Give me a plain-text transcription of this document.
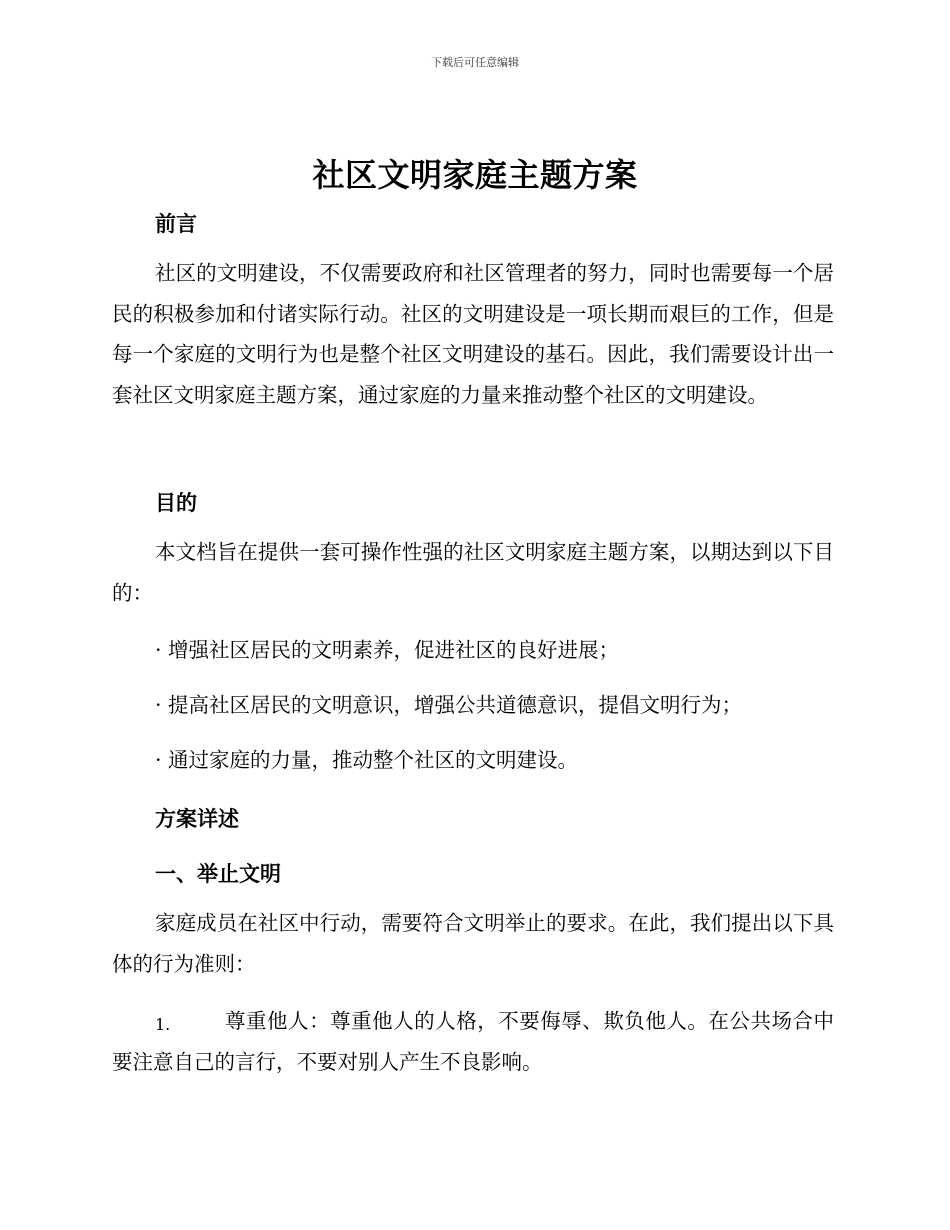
下载后可任意编辑
社区文明家庭主题方案
前言
社区的文明建设，不仅需要政府和社区管理者的努力，同时也需要每一个居民的积极参加和付诸实际行动。社区的文明建设是一项长期而艰巨的工作，但是每一个家庭的文明行为也是整个社区文明建设的基石。因此，我们需要设计出一套社区文明家庭主题方案，通过家庭的力量来推动整个社区的文明建设。
目的
本文档旨在提供一套可操作性强的社区文明家庭主题方案，以期达到以下目的：
· 增强社区居民的文明素养，促进社区的良好进展；
· 提高社区居民的文明意识，增强公共道德意识，提倡文明行为；
· 通过家庭的力量，推动整个社区的文明建设。
方案详述
一、举止文明
家庭成员在社区中行动，需要符合文明举止的要求。在此，我们提出以下具体的行为准则：
1.	尊重他人：尊重他人的人格，不要侮辱、欺负他人。在公共场合中要注意自己的言行，不要对别人产生不良影响。
